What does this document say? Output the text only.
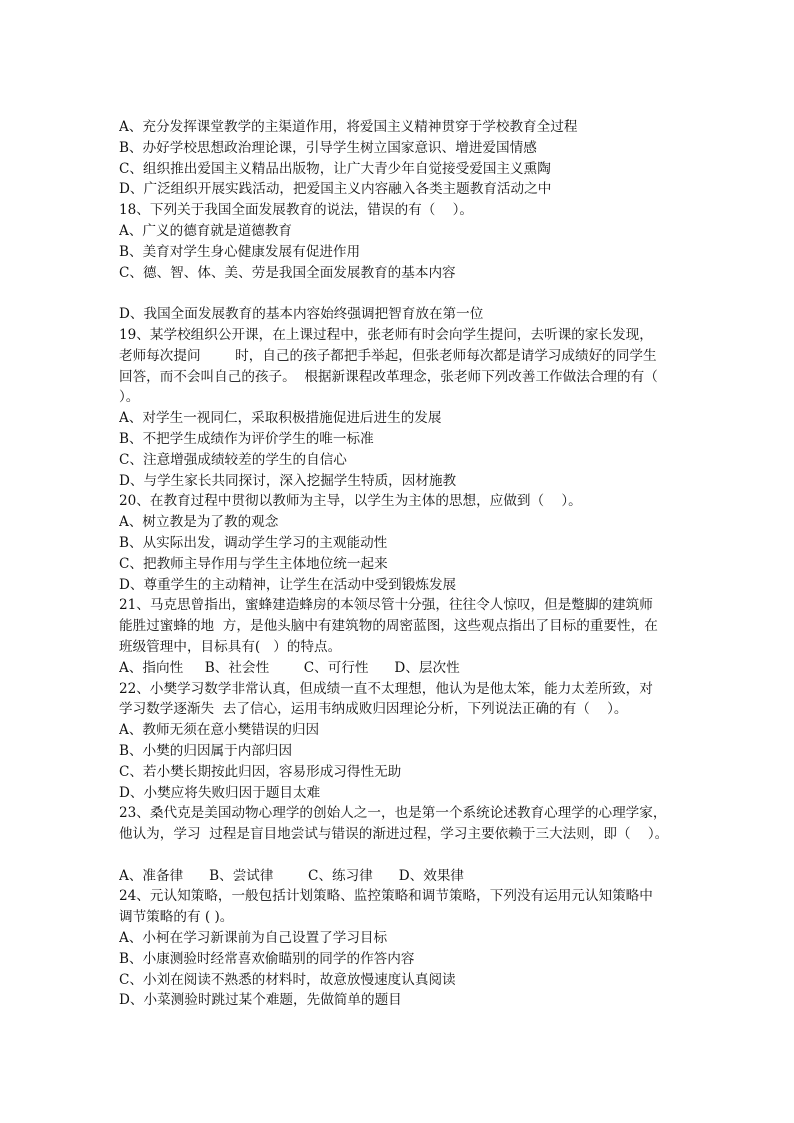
A、充分发挥课堂教学的主渠道作用，将爱国主义精神贯穿于学校教育全过程
B、办好学校思想政治理论课，引导学生树立国家意识、增进爱国情感
C、组织推出爱国主义精品出版物，让广大青少年自觉接受爱国主义熏陶
D、广泛组织开展实践活动，把爱国主义内容融入各类主题教育活动之中
18、下列关于我国全面发展教育的说法，错误的有（    ）。
A、广义的德育就是道德教育
B、美育对学生身心健康发展有促进作用
C、德、智、体、美、劳是我国全面发展教育的基本内容
D、我国全面发展教育的基本内容始终强调把智育放在第一位
19、某学校组织公开课，在上课过程中，张老师有时会向学生提问，去听课的家长发现，
老师每次提问        时，自己的孩子都把手举起，但张老师每次都是请学习成绩好的同学生
回答，而不会叫自己的孩子。  根据新课程改革理念，张老师下列改善工作做法合理的有（
）。
A、对学生一视同仁，采取积极措施促进后进生的发展
B、不把学生成绩作为评价学生的唯一标准
C、注意增强成绩较差的学生的自信心
D、与学生家长共同探讨，深入挖掘学生特质，因材施教
20、在教育过程中贯彻以教师为主导，以学生为主体的思想，应做到（    ）。
A、树立教是为了教的观念
B、从实际出发，调动学生学习的主观能动性
C、把教师主导作用与学生主体地位统一起来
D、尊重学生的主动精神，让学生在活动中受到锻炼发展
21、马克思曾指出，蜜蜂建造蜂房的本领尽管十分强，往往令人惊叹，但是蹩脚的建筑师
能胜过蜜蜂的地  方，是他头脑中有建筑物的周密蓝图，这些观点指出了目标的重要性，在
班级管理中，目标具有(   ）的特点。
A、指向性     B、社会性        C、可行性      D、层次性
22、小樊学习数学非常认真，但成绩一直不太理想，他认为是他太笨，能力太差所致，对
学习数学逐渐失  去了信心，运用韦纳成败归因理论分析，下列说法正确的有（    ）。
A、教师无须在意小樊错误的归因
B、小樊的归因属于内部归因
C、若小樊长期按此归因，容易形成习得性无助
D、小樊应将失败归因于题目太难
23、桑代克是美国动物心理学的创始人之一，也是第一个系统论述教育心理学的心理学家，
他认为，学习  过程是盲目地尝试与错误的渐进过程，学习主要依赖于三大法则，即（    ）。
A、准备律      B、尝试律        C、练习律      D、效果律
24、元认知策略，一般包括计划策略、监控策略和调节策略，下列没有运用元认知策略中
调节策略的有 ( )。
A、小柯在学习新课前为自己设置了学习目标
B、小康测验时经常喜欢偷瞄别的同学的作答内容
C、小刘在阅读不熟悉的材料时，故意放慢速度认真阅读
D、小菜测验时跳过某个难题，先做简单的题目
